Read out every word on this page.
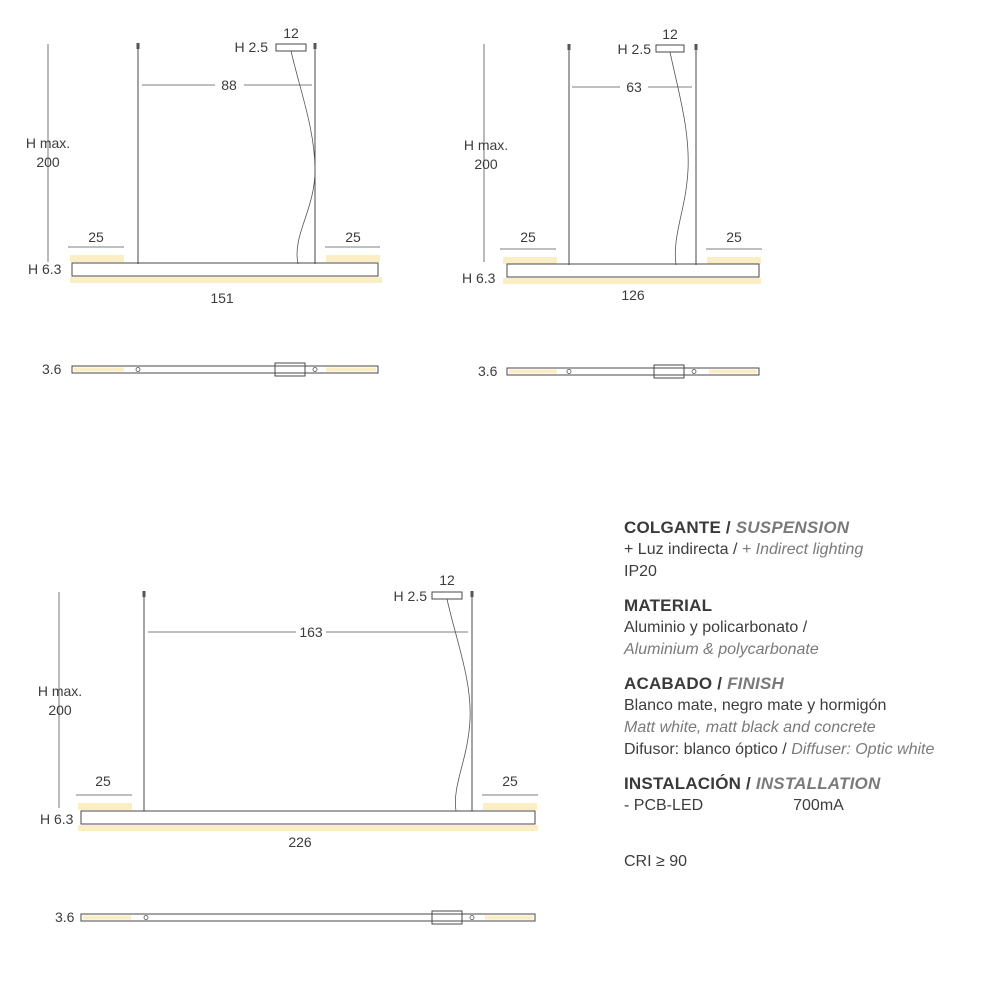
H max.
200
12
H 2.5
88
25	25
H 6.3
151
3.6
H max.
200
12
H 2.5
63
25	25
H 6.3
126
3.6
H max.
200
12
H 2.5
163
25	25
H 6.3
226
3.6
COLGANTE / SUSPENSION
+ Luz indirecta / + Indirect lighting
IP20
MATERIAL
Aluminio y policarbonato /
Aluminium & polycarbonate
ACABADO / FINISH
Blanco mate, negro mate y hormigón
Matt white, matt black and concrete
Difusor: blanco óptico / Diffuser: Optic white
INSTALACIÓN / INSTALLATION
- PCB-LED	700mA
CRI ≥ 90
